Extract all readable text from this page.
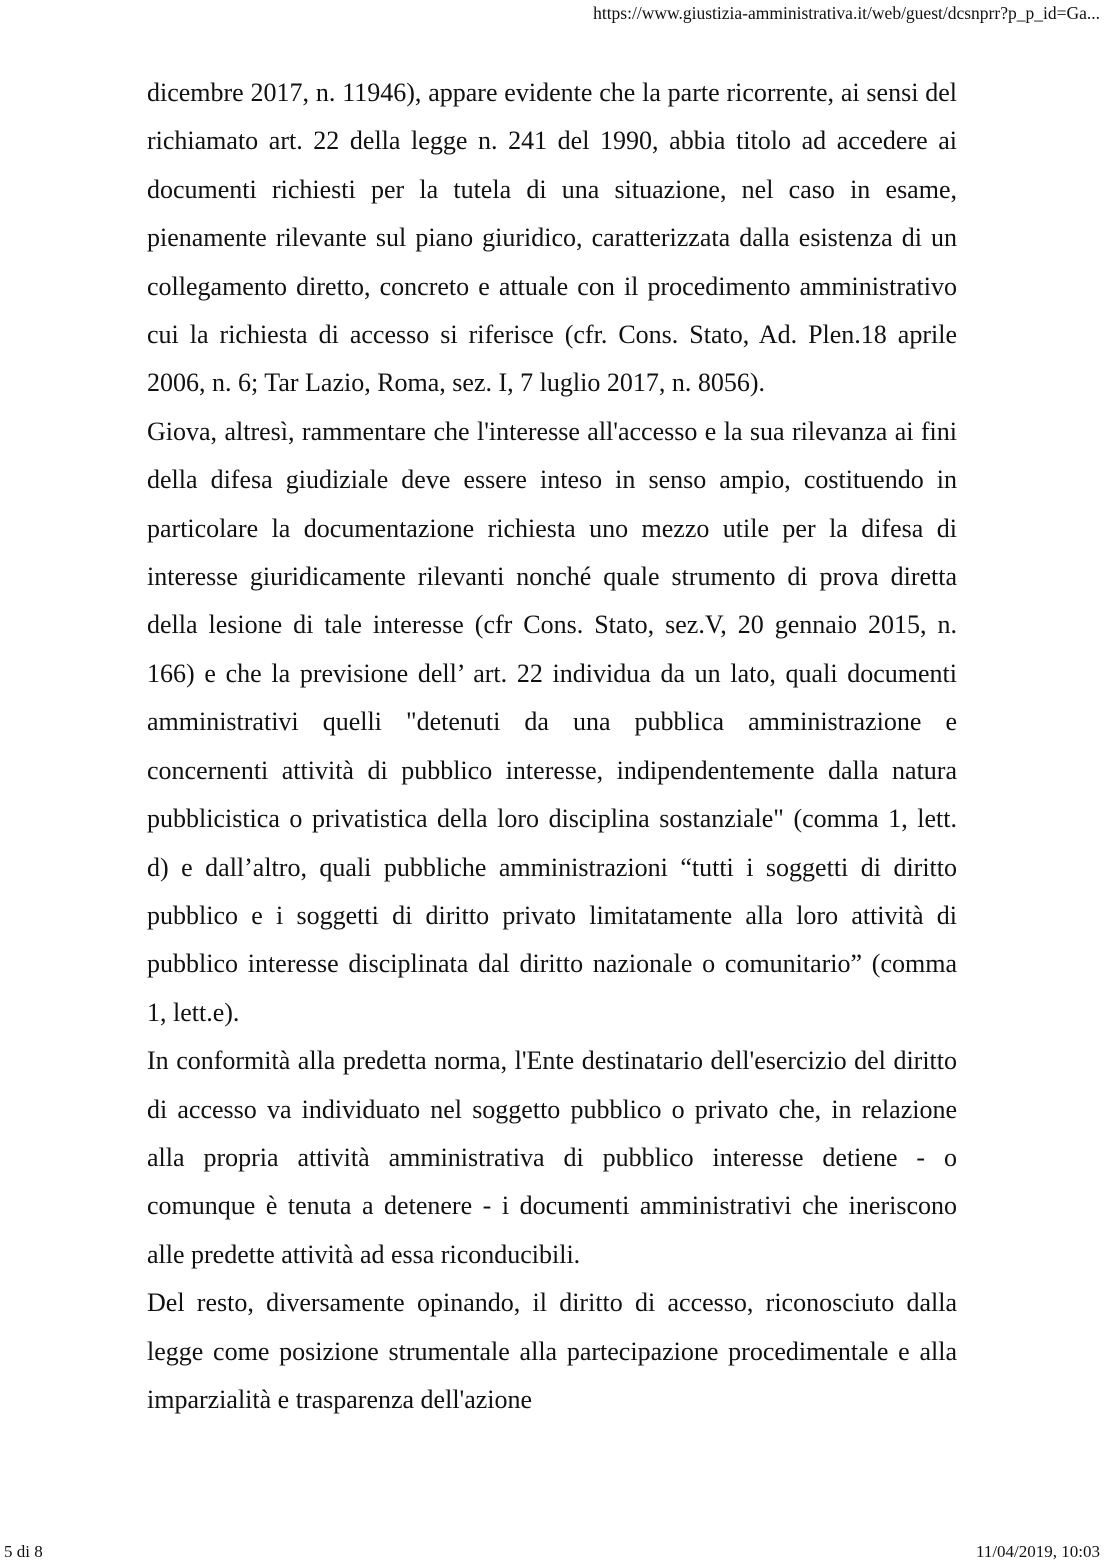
https://www.giustizia-amministrativa.it/web/guest/dcsnprr?p_p_id=Ga...

dicembre 2017, n. 11946), appare evidente che la parte ricorrente, ai sensi del richiamato art. 22 della legge n. 241 del 1990, abbia titolo ad accedere ai documenti richiesti per la tutela di una situazione, nel caso in esame, pienamente rilevante sul piano giuridico, caratterizzata dalla esistenza di un collegamento diretto, concreto e attuale con il procedimento amministrativo cui la richiesta di accesso si riferisce (cfr. Cons. Stato, Ad. Plen.18 aprile 2006, n. 6; Tar Lazio, Roma, sez. I, 7 luglio 2017, n. 8056).

Giova, altresì, rammentare che l'interesse all'accesso e la sua rilevanza ai fini della difesa giudiziale deve essere inteso in senso ampio, costituendo in particolare la documentazione richiesta uno mezzo utile per la difesa di interesse giuridicamente rilevanti nonché quale strumento di prova diretta della lesione di tale interesse (cfr Cons. Stato, sez.V, 20 gennaio 2015, n. 166) e che la previsione dell’ art. 22 individua da un lato, quali documenti amministrativi quelli "detenuti da una pubblica amministrazione e concernenti attività di pubblico interesse, indipendentemente dalla natura pubblicistica o privatistica della loro disciplina sostanziale" (comma 1, lett. d) e dall’altro, quali pubbliche amministrazioni “tutti i soggetti di diritto pubblico e i soggetti di diritto privato limitatamente alla loro attività di pubblico interesse disciplinata dal diritto nazionale o comunitario” (comma 1, lett.e).

In conformità alla predetta norma, l'Ente destinatario dell'esercizio del diritto di accesso va individuato nel soggetto pubblico o privato che, in relazione alla propria attività amministrativa di pubblico interesse detiene - o comunque è tenuta a detenere - i documenti amministrativi che ineriscono alle predette attività ad essa riconducibili.

Del resto, diversamente opinando, il diritto di accesso, riconosciuto dalla legge come posizione strumentale alla partecipazione procedimentale e alla imparzialità e trasparenza dell'azione

5 di 8	11/04/2019, 10:03
